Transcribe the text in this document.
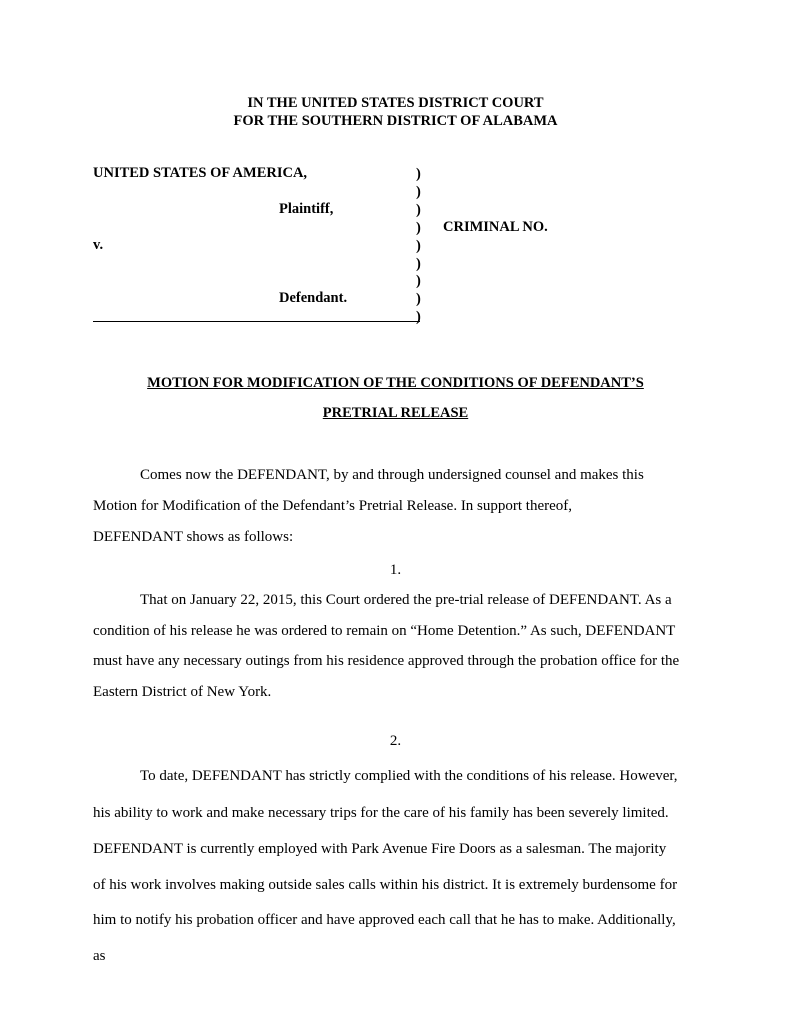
IN THE UNITED STATES DISTRICT COURT
FOR THE SOUTHERN DISTRICT OF ALABAMA
UNITED STATES OF AMERICA,
Plaintiff,
v.
Defendant.
CRIMINAL NO.
)
)
)
)
)
)
)
)
)
MOTION FOR MODIFICATION OF THE CONDITIONS OF DEFENDANT’S
PRETRIAL RELEASE
Comes now the DEFENDANT, by and through undersigned counsel and makes this
Motion for Modification of the Defendant’s Pretrial Release. In support thereof,
DEFENDANT shows as follows:
1.
That on January 22, 2015, this Court ordered the pre-trial release of DEFENDANT. As a
condition of his release he was ordered to remain on “Home Detention.” As such, DEFENDANT
must have any necessary outings from his residence approved through the probation office for the
Eastern District of New York.
2.
To date, DEFENDANT has strictly complied with the conditions of his release. However,
his ability to work and make necessary trips for the care of his family has been severely limited.
DEFENDANT is currently employed with Park Avenue Fire Doors as a salesman. The majority
of his work involves making outside sales calls within his district. It is extremely burdensome for
him to notify his probation officer and have approved each call that he has to make. Additionally,
as
